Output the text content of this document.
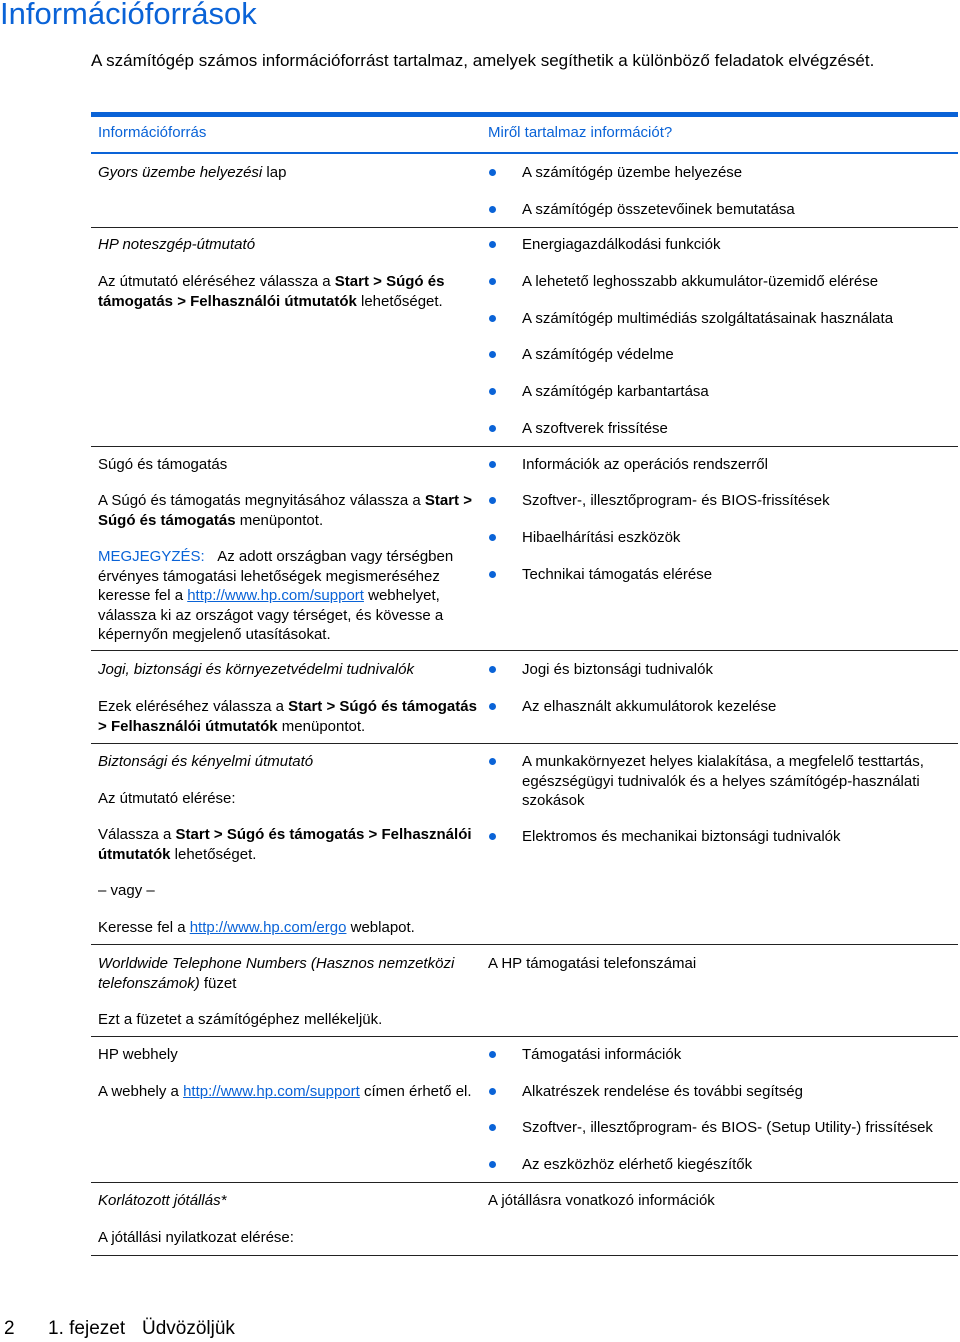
Információforrások
A számítógép számos információforrást tartalmaz, amelyek segíthetik a különböző feladatok elvégzését.
Információforrás	Miről tartalmaz információt?
Gyors üzembe helyezési lap	A számítógép üzembe helyezése
A számítógép összetevőinek bemutatása
HP noteszgép-útmutató
Az útmutató eléréséhez válassza a Start > Súgó és támogatás > Felhasználói útmutatók lehetőséget.
Energiagazdálkodási funkciók
A lehetető leghosszabb akkumulátor-üzemidő elérése
A számítógép multimédiás szolgáltatásainak használata
A számítógép védelme
A számítógép karbantartása
A szoftverek frissítése
Súgó és támogatás
A Súgó és támogatás megnyitásához válassza a Start > Súgó és támogatás menüpontot.
MEGJEGYZÉS: Az adott országban vagy térségben érvényes támogatási lehetőségek megismeréséhez keresse fel a http://www.hp.com/support webhelyet, válassza ki az országot vagy térséget, és kövesse a képernyőn megjelenő utasításokat.
Információk az operációs rendszerről
Szoftver-, illesztőprogram- és BIOS-frissítések
Hibaelhárítási eszközök
Technikai támogatás elérése
Jogi, biztonsági és környezetvédelmi tudnivalók
Ezek eléréséhez válassza a Start > Súgó és támogatás > Felhasználói útmutatók menüpontot.
Jogi és biztonsági tudnivalók
Az elhasznált akkumulátorok kezelése
Biztonsági és kényelmi útmutató
Az útmutató elérése:
Válassza a Start > Súgó és támogatás > Felhasználói útmutatók lehetőséget.
– vagy –
Keresse fel a http://www.hp.com/ergo weblapot.
A munkakörnyezet helyes kialakítása, a megfelelő testtartás, egészségügyi tudnivalók és a helyes számítógép-használati szokások
Elektromos és mechanikai biztonsági tudnivalók
Worldwide Telephone Numbers (Hasznos nemzetközi telefonszámok) füzet
Ezt a füzetet a számítógéphez mellékeljük.
A HP támogatási telefonszámai
HP webhely
A webhely a http://www.hp.com/support címen érhető el.
Támogatási információk
Alkatrészek rendelése és további segítség
Szoftver-, illesztőprogram- és BIOS- (Setup Utility-) frissítések
Az eszközhöz elérhető kiegészítők
Korlátozott jótállás*
A jótállási nyilatkozat elérése:
A jótállásra vonatkozó információk
2 1. fejezet Üdvözöljük
